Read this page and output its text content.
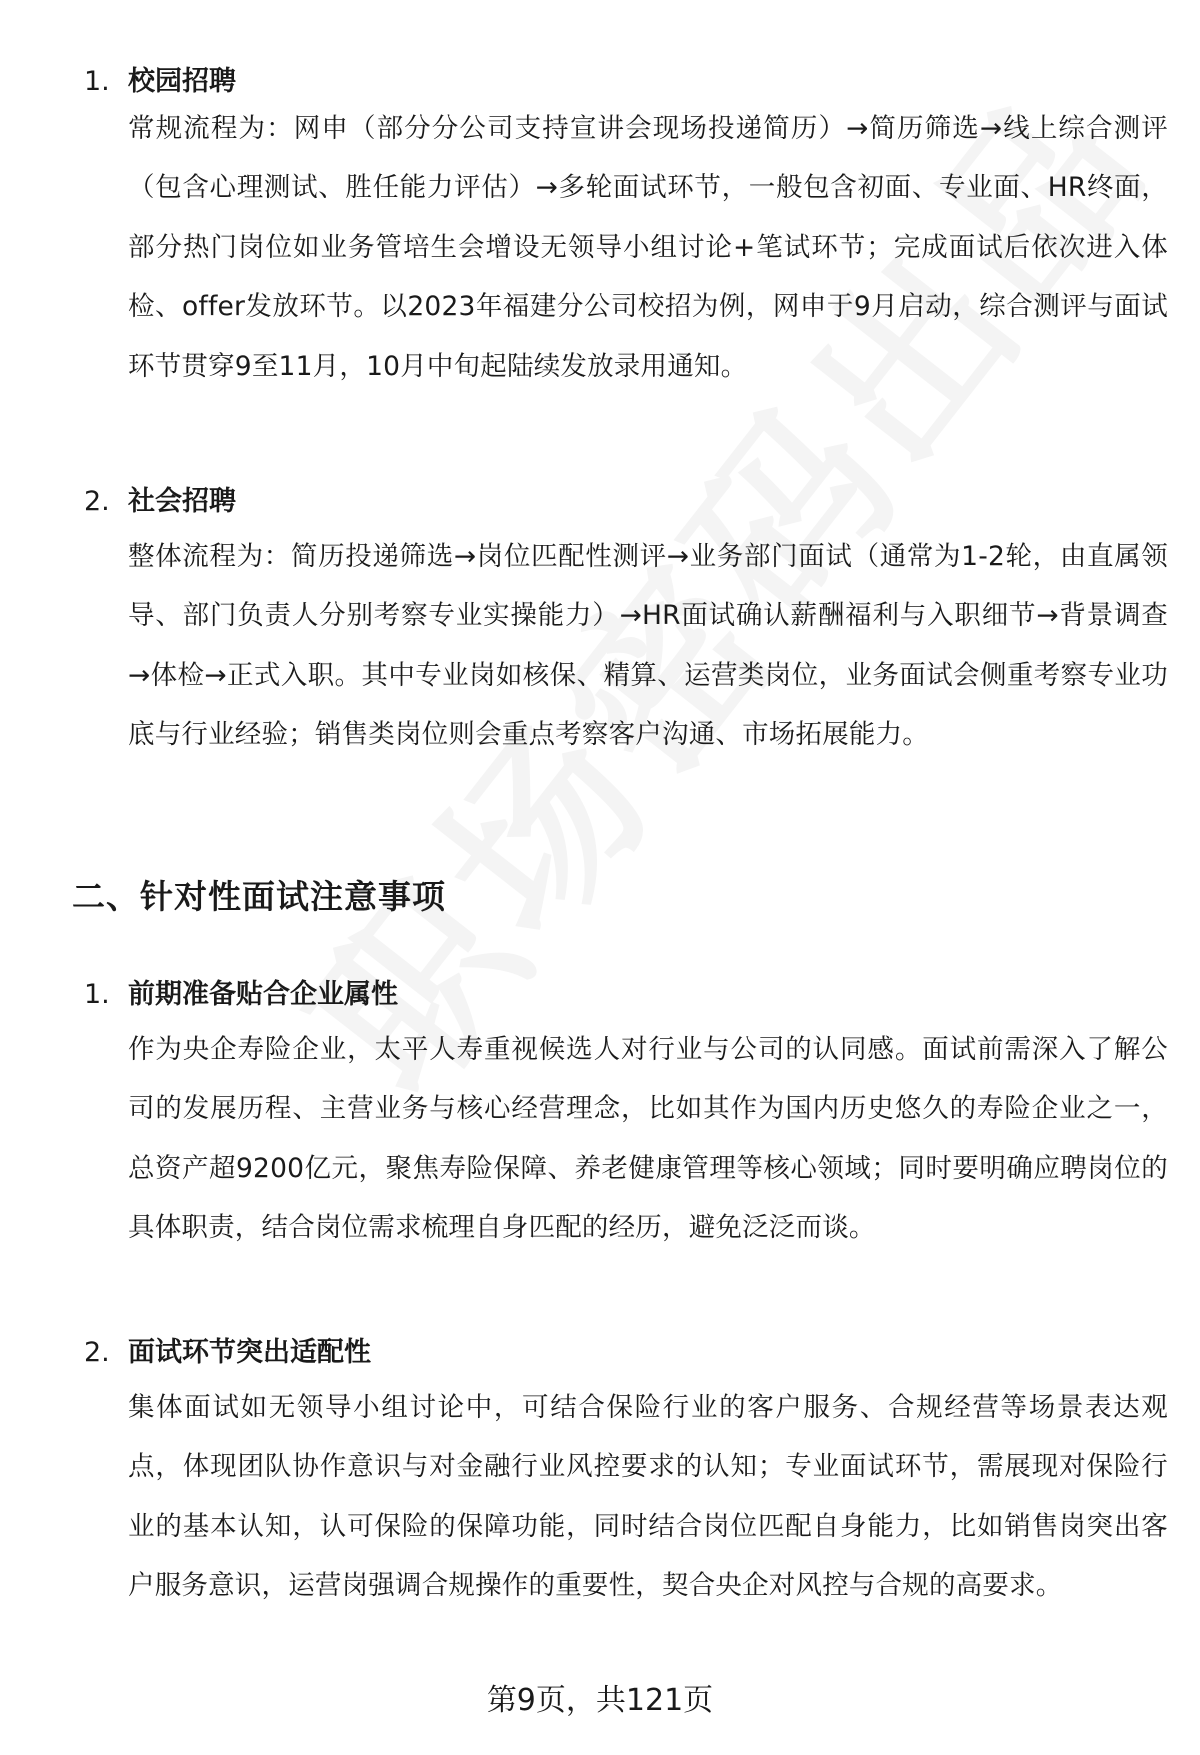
1. 校园招聘
常规流程为：网申（部分分公司支持宣讲会现场投递简历）→简历筛选→线上综合测评（包含心理测试、胜任能力评估）→多轮面试环节，一般包含初面、专业面、HR终面，部分热门岗位如业务管培生会增设无领导小组讨论+笔试环节；完成面试后依次进入体检、offer发放环节。以2023年福建分公司校招为例，网申于9月启动，综合测评与面试环节贯穿9至11月，10月中旬起陆续发放录用通知。
2. 社会招聘
整体流程为：简历投递筛选→岗位匹配性测评→业务部门面试（通常为1-2轮，由直属领导、部门负责人分别考察专业实操能力）→HR面试确认薪酬福利与入职细节→背景调查→体检→正式入职。其中专业岗如核保、精算、运营类岗位，业务面试会侧重考察专业功底与行业经验；销售类岗位则会重点考察客户沟通、市场拓展能力。
二、针对性面试注意事项
1. 前期准备贴合企业属性
作为央企寿险企业，太平人寿重视候选人对行业与公司的认同感。面试前需深入了解公司的发展历程、主营业务与核心经营理念，比如其作为国内历史悠久的寿险企业之一，总资产超9200亿元，聚焦寿险保障、养老健康管理等核心领域；同时要明确应聘岗位的具体职责，结合岗位需求梳理自身匹配的经历，避免泛泛而谈。
2. 面试环节突出适配性
集体面试如无领导小组讨论中，可结合保险行业的客户服务、合规经营等场景表达观点，体现团队协作意识与对金融行业风控要求的认知；专业面试环节，需展现对保险行业的基本认知，认可保险的保障功能，同时结合岗位匹配自身能力，比如销售岗突出客户服务意识，运营岗强调合规操作的重要性，契合央企对风控与合规的高要求。
第9页，共121页
